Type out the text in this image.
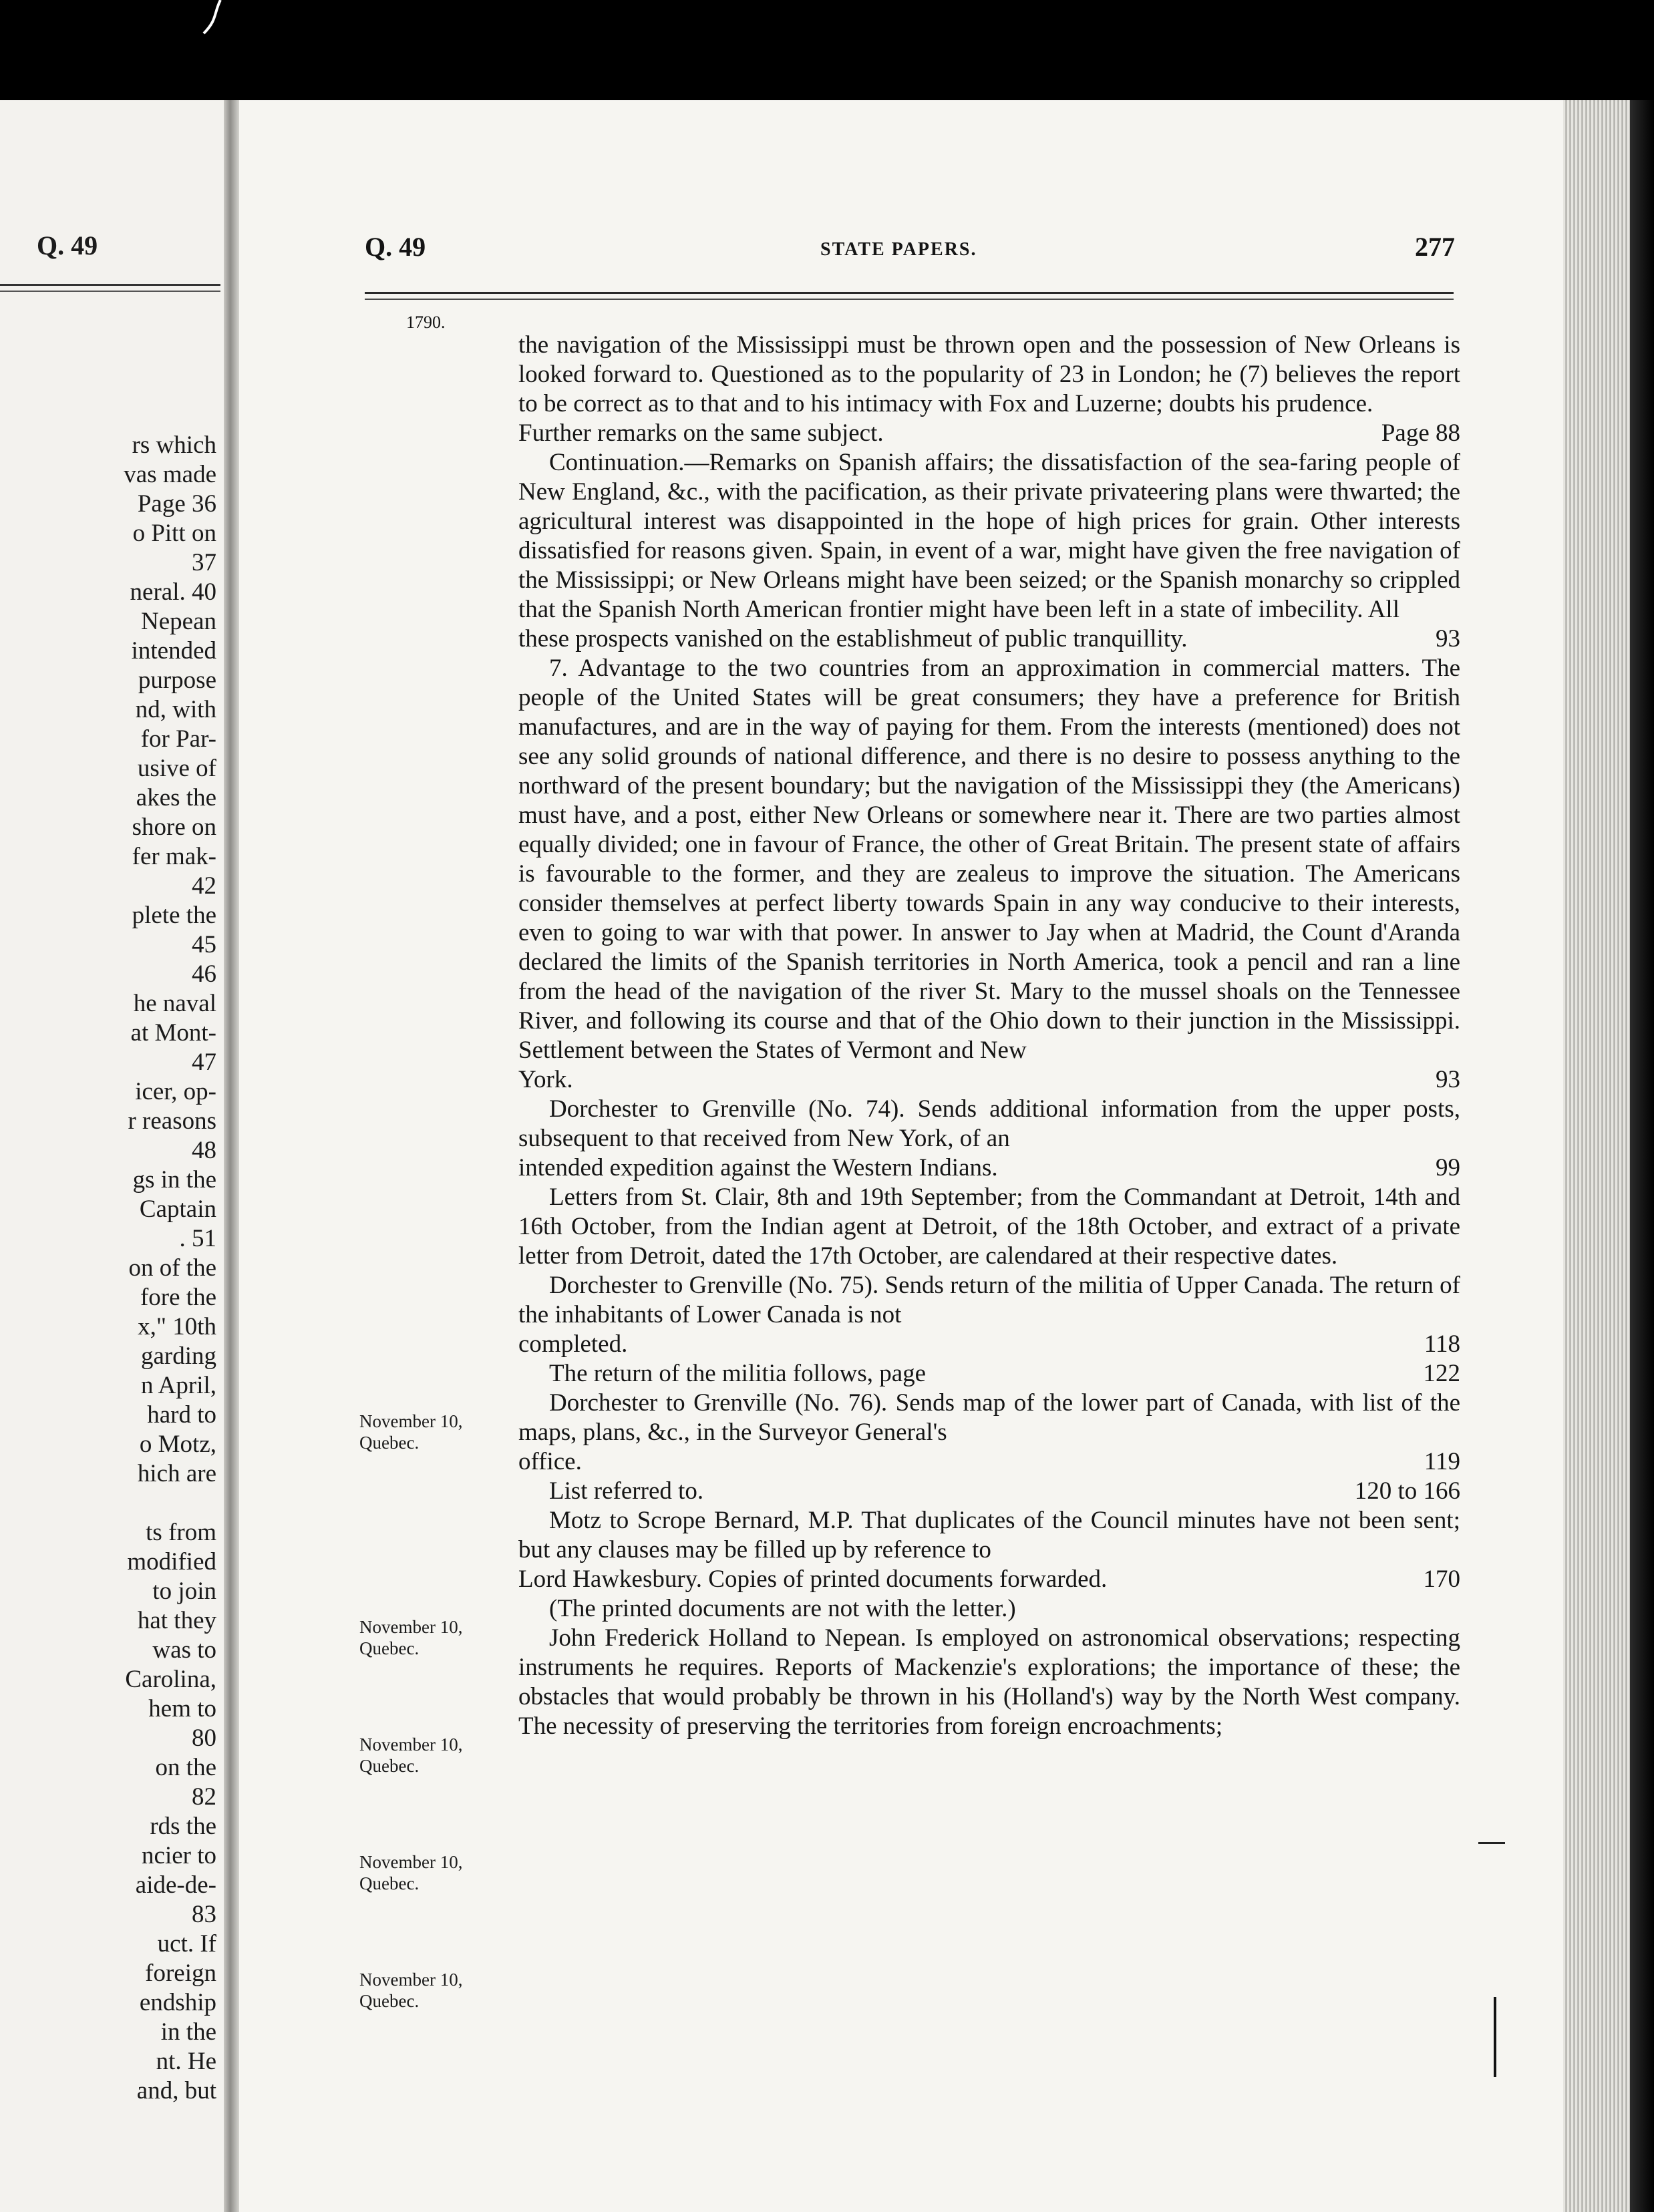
Q. 49
rs which
vas made
Page 36
o Pitt on
37
neral. 40
Nepean
intended
purpose
nd, with
for Par-
usive of
akes the
shore on
fer mak-
42
plete the
45
46
he naval
at Mont-
47
icer, op-
r reasons
48
gs in the
Captain
. 51
on of the
fore the
x," 10th
garding
n April,
hard to
o Motz,
hich are
ts from
modified
to join
hat they
was to
Carolina,
hem to
80
on the
82
rds the
ncier to
aide-de-
83
uct. If
foreign
endship
in the
nt. He
and, but
Q. 49	STATE PAPERS.	277
1790.
November 10,
Quebec.
November 10,
Quebec.
November 10,
Quebec.
November 10,
Quebec.
November 10,
Quebec.

the navigation of the Mississippi must be thrown open and the possession of New Orleans is looked forward to. Questioned as to the popularity of 23 in London; he (7) believes the report to be correct as to that and to his intimacy with Fox and Luzerne; doubts his prudence.

Further remarks on the same subject.	Page 88

Continuation.—Remarks on Spanish affairs; the dissatisfaction of the sea-faring people of New England, &c., with the pacification, as their private privateering plans were thwarted; the agricultural interest was disappointed in the hope of high prices for grain. Other interests dissatisfied for reasons given. Spain, in event of a war, might have given the free navigation of the Mississippi; or New Orleans might have been seized; or the Spanish monarchy so crippled that the Spanish North American frontier might have been left in a state of imbecility. All

these prospects vanished on the establishmeut of public tranquillity.	93

7. Advantage to the two countries from an approximation in commercial matters. The people of the United States will be great consumers; they have a preference for British manufactures, and are in the way of paying for them. From the interests (mentioned) does not see any solid grounds of national difference, and there is no desire to possess anything to the northward of the present boundary; but the navigation of the Mississippi they (the Americans) must have, and a post, either New Orleans or somewhere near it. There are two parties almost equally divided; one in favour of France, the other of Great Britain. The present state of affairs is favourable to the former, and they are zealeus to improve the situation. The Americans consider themselves at perfect liberty towards Spain in any way conducive to their interests, even to going to war with that power. In answer to Jay when at Madrid, the Count d'Aranda declared the limits of the Spanish territories in North America, took a pencil and ran a line from the head of the navigation of the river St. Mary to the mussel shoals on the Tennessee River, and following its course and that of the Ohio down to their junction in the Mississippi. Settlement between the States of Vermont and New

York.	93

Dorchester to Grenville (No. 74). Sends additional information from the upper posts, subsequent to that received from New York, of an

intended expedition against the Western Indians.	99

Letters from St. Clair, 8th and 19th September; from the Commandant at Detroit, 14th and 16th October, from the Indian agent at Detroit, of the 18th October, and extract of a private letter from Detroit, dated the 17th October, are calendared at their respective dates.

Dorchester to Grenville (No. 75). Sends return of the militia of Upper Canada. The return of the inhabitants of Lower Canada is not

completed.	118
The return of the militia follows, page	122

Dorchester to Grenville (No. 76). Sends map of the lower part of Canada, with list of the maps, plans, &c., in the Surveyor General's

office.	119
List referred to.	120 to 166

Motz to Scrope Bernard, M.P. That duplicates of the Council minutes have not been sent; but any clauses may be filled up by reference to

Lord Hawkesbury. Copies of printed documents forwarded.	170

(The printed documents are not with the letter.)

John Frederick Holland to Nepean. Is employed on astronomical observations; respecting instruments he requires. Reports of Mackenzie's explorations; the importance of these; the obstacles that would probably be thrown in his (Holland's) way by the North West company. The necessity of preserving the territories from foreign encroachments;
